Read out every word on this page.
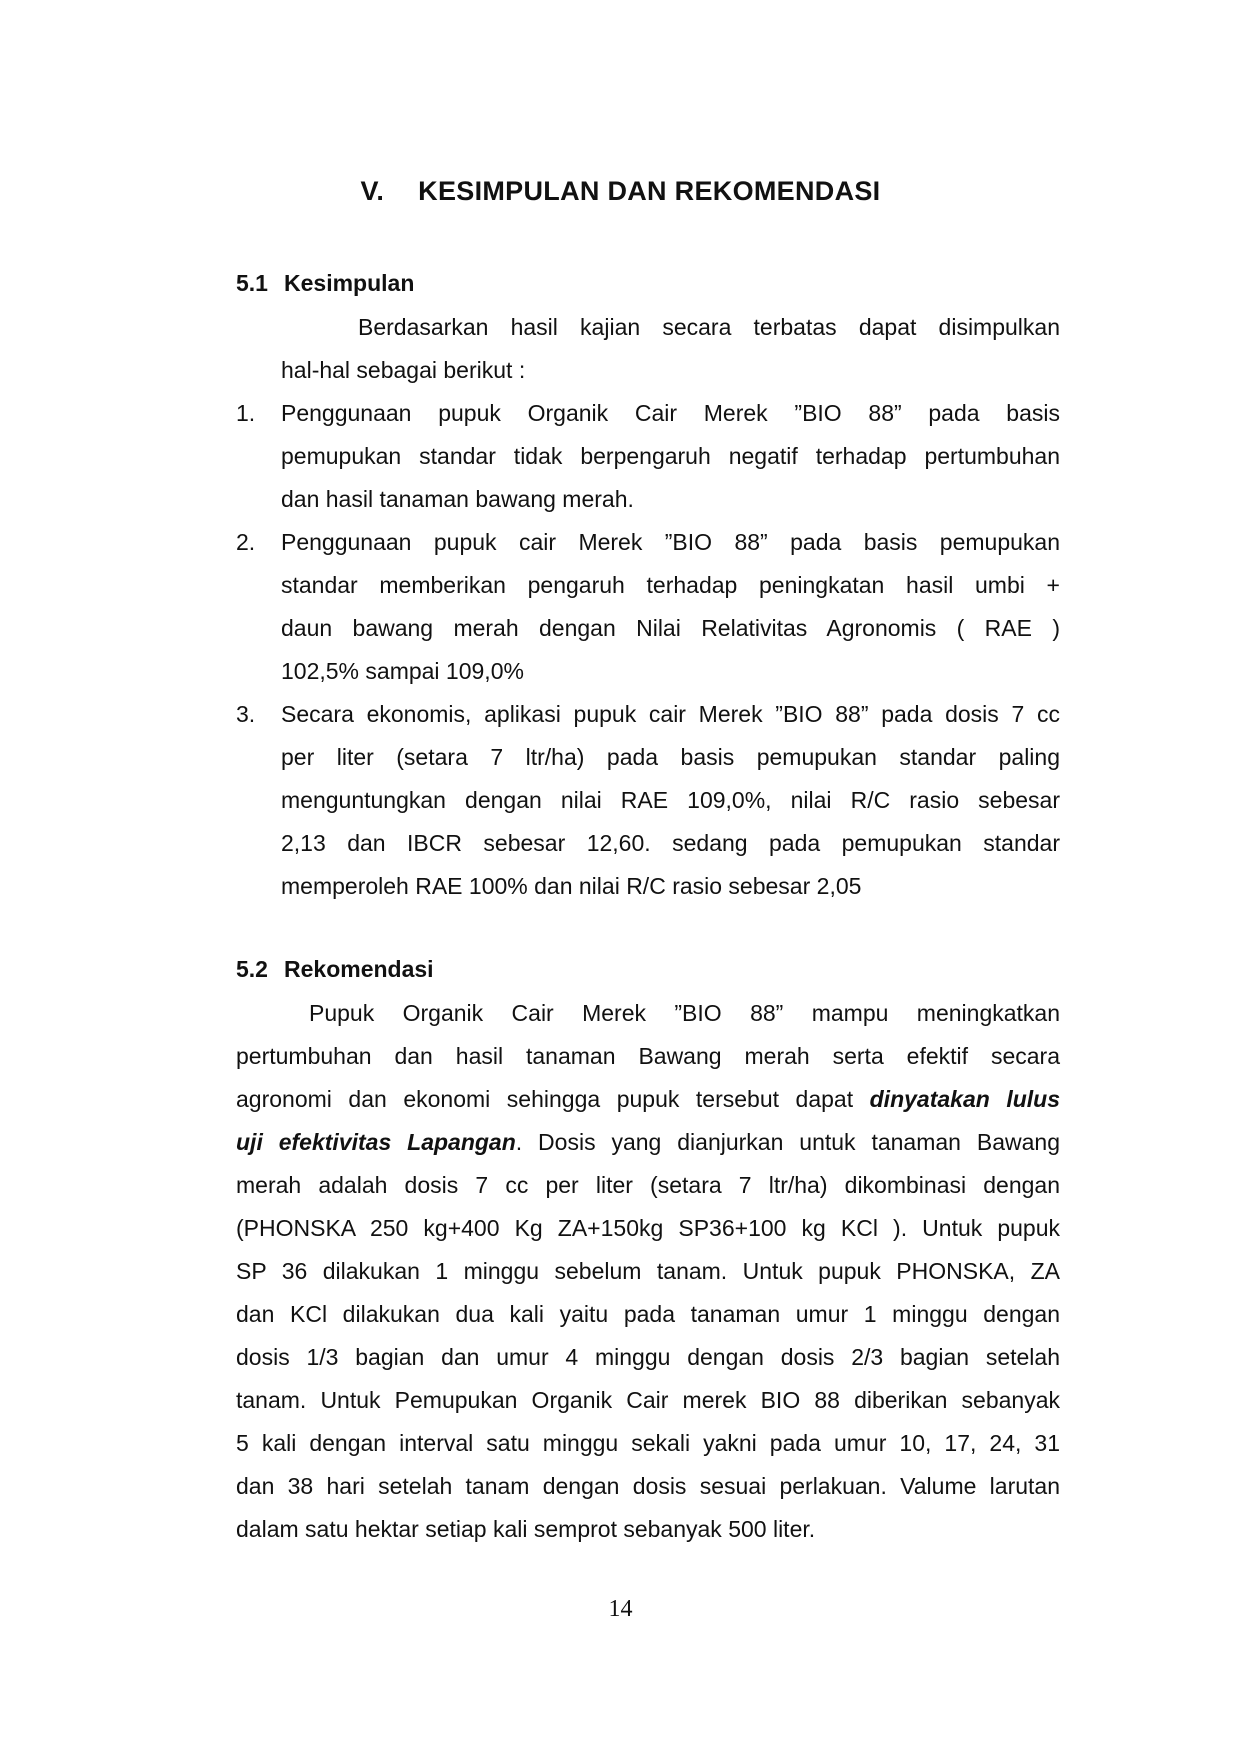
V. KESIMPULAN DAN REKOMENDASI
5.1 Kesimpulan
Berdasarkan hasil kajian secara terbatas dapat disimpulkan
hal-hal sebagai berikut :
1. Penggunaan pupuk Organik Cair Merek ”BIO 88” pada basis
pemupukan standar tidak berpengaruh negatif terhadap pertumbuhan
dan hasil tanaman bawang merah.
2. Penggunaan pupuk cair Merek ”BIO 88” pada basis pemupukan
standar memberikan pengaruh terhadap peningkatan hasil umbi +
daun bawang merah dengan Nilai Relativitas Agronomis ( RAE )
102,5% sampai 109,0%
3. Secara ekonomis, aplikasi pupuk cair Merek ”BIO 88” pada dosis 7 cc
per liter (setara 7 ltr/ha) pada basis pemupukan standar paling
menguntungkan dengan nilai RAE 109,0%, nilai R/C rasio sebesar
2,13 dan IBCR sebesar 12,60. sedang pada pemupukan standar
memperoleh RAE 100% dan nilai R/C rasio sebesar 2,05
5.2 Rekomendasi
Pupuk Organik Cair Merek ”BIO 88” mampu meningkatkan
pertumbuhan dan hasil tanaman Bawang merah serta efektif secara
agronomi dan ekonomi sehingga pupuk tersebut dapat dinyatakan lulus
uji efektivitas Lapangan. Dosis yang dianjurkan untuk tanaman Bawang
merah adalah dosis 7 cc per liter (setara 7 ltr/ha) dikombinasi dengan
(PHONSKA 250 kg+400 Kg ZA+150kg SP36+100 kg KCl ). Untuk pupuk
SP 36 dilakukan 1 minggu sebelum tanam. Untuk pupuk PHONSKA, ZA
dan KCl dilakukan dua kali yaitu pada tanaman umur 1 minggu dengan
dosis 1/3 bagian dan umur 4 minggu dengan dosis 2/3 bagian setelah
tanam. Untuk Pemupukan Organik Cair merek BIO 88 diberikan sebanyak
5 kali dengan interval satu minggu sekali yakni pada umur 10, 17, 24, 31
dan 38 hari setelah tanam dengan dosis sesuai perlakuan. Valume larutan
dalam satu hektar setiap kali semprot sebanyak 500 liter.
14
